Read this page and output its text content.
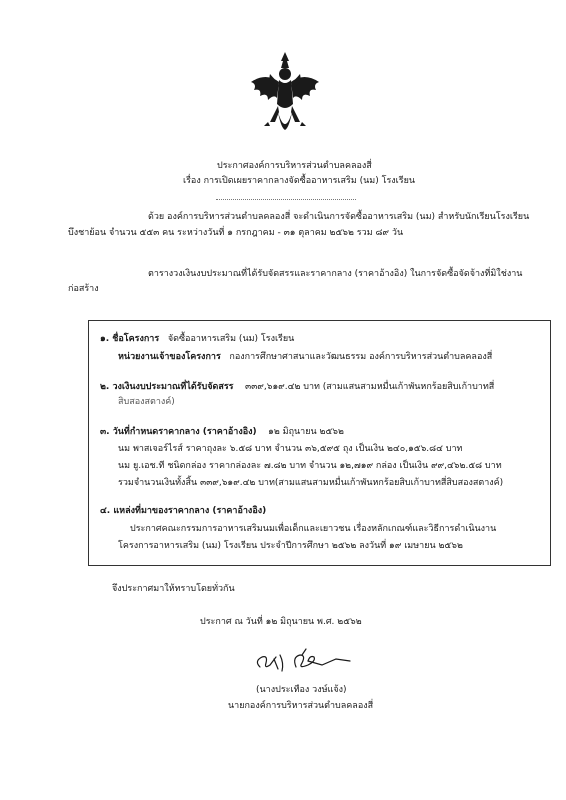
ประกาศองค์การบริหารส่วนตำบลคลองสี่
เรื่อง การเปิดเผยราคากลางจัดซื้ออาหารเสริม (นม) โรงเรียน
ด้วย องค์การบริหารส่วนตำบลคลองสี่ จะดำเนินการจัดซื้ออาหารเสริม (นม) สำหรับนักเรียนโรงเรียน
บึงชาย้อน จำนวน ๕๕๓ คน ระหว่างวันที่ ๑ กรกฎาคม - ๓๑ ตุลาคม ๒๕๖๒ รวม ๘๙ วัน
ตารางวงเงินงบประมาณที่ได้รับจัดสรรและราคากลาง (ราคาอ้างอิง) ในการจัดซื้อจัดจ้างที่มิใช่งาน
ก่อสร้าง
๑. ชื่อโครงการ จัดซื้ออาหารเสริม (นม) โรงเรียน
หน่วยงานเจ้าของโครงการ กองการศึกษาศาสนาและวัฒนธรรม องค์การบริหารส่วนตำบลคลองสี่
๒. วงเงินงบประมาณที่ได้รับจัดสรร ๓๓๙,๖๑๙.๔๒ บาท (สามแสนสามหมื่นเก้าพันหกร้อยสิบเก้าบาทสี่
สิบสองสตางค์)
๓. วันที่กำหนดราคากลาง (ราคาอ้างอิง) ๑๒ มิถุนายน ๒๕๖๒
นม พาสเจอร์ไรส์ ราคาถุงละ ๖.๕๘ บาท จำนวน ๓๖,๕๙๕ ถุง เป็นเงิน ๒๔๐,๑๕๖.๘๔ บาท
นม ยู.เอช.ที ชนิดกล่อง ราคากล่องละ ๗.๘๒ บาท จำนวน ๑๒,๗๑๙ กล่อง เป็นเงิน ๙๙,๔๖๒.๕๘ บาท
รวมจำนวนเงินทั้งสิ้น ๓๓๙,๖๑๙.๔๒ บาท(สามแสนสามหมื่นเก้าพันหกร้อยสิบเก้าบาทสี่สิบสองสตางค์)
๔. แหล่งที่มาของราคากลาง (ราคาอ้างอิง)
ประกาศคณะกรรมการอาหารเสริมนมเพื่อเด็กและเยาวชน เรื่องหลักเกณฑ์และวิธีการดำเนินงาน
โครงการอาหารเสริม (นม) โรงเรียน ประจำปีการศึกษา ๒๕๖๒ ลงวันที่ ๑๙ เมษายน ๒๕๖๒
จึงประกาศมาให้ทราบโดยทั่วกัน
ประกาศ ณ วันที่ ๑๒ มิถุนายน พ.ศ. ๒๕๖๒
(นางประเทือง วงษ์แจ้ง)
นายกองค์การบริหารส่วนตำบลคลองสี่
